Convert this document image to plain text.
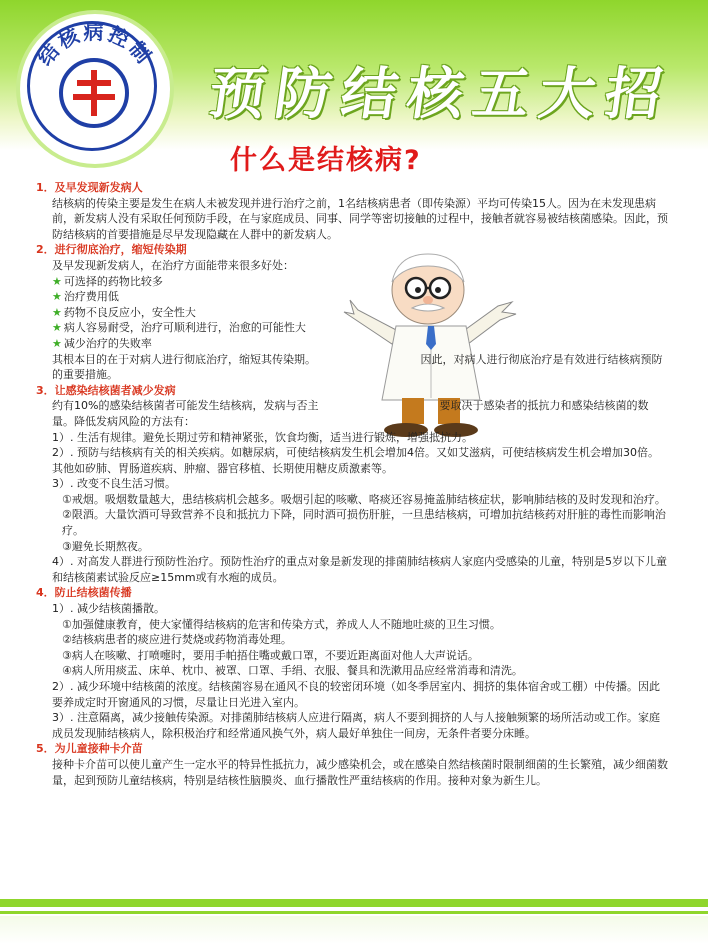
结核病控制
预防结核五大招
什么是结核病?

1．及早发现新发病人

结核病的传染主要是发生在病人未被发现并进行治疗之前，1名结核病患者（即传染源）平均可传染15人。因为在未发现患病前，新发病人没有采取任何预防手段，在与家庭成员、同事、同学等密切接触的过程中，接触者就容易被结核菌感染。因此，预防结核病的首要措施是尽早发现隐藏在人群中的新发病人。

2．进行彻底治疗，缩短传染期

及早发现新发病人，在治疗方面能带来很多好处：

★ 可选择的药物比较多

★ 治疗费用低

★ 药物不良反应小，安全性大

★ 病人容易耐受，治疗可顺利进行，治愈的可能性大

★ 减少治疗的失败率

其根本目的在于对病人进行彻底治疗，缩短其传染期。　　　　　　　　　　因此，对病人进行彻底治疗是有效进行结核病预防的重要措施。

3．让感染结核菌者减少发病

约有10%的感染结核菌者可能发生结核病，发病与否主　　　　　　　　　　　要取决于感染者的抵抗力和感染结核菌的数量。降低发病风险的方法有：

1）. 生活有规律。避免长期过劳和精神紧张，饮食均衡，适当进行锻炼，增强抵抗力。

2）. 预防与结核病有关的相关疾病。如糖尿病，可使结核病发生机会增加4倍。又如艾滋病，可使结核病发生机会增加30倍。其他如矽肺、胃肠道疾病、肿瘤、器官移植、长期使用糖皮质激素等。

3）. 改变不良生活习惯。

①戒烟。吸烟数量越大，患结核病机会越多。吸烟引起的咳嗽、咯痰还容易掩盖肺结核症状，影响肺结核的及时发现和治疗。

②限酒。大量饮酒可导致营养不良和抵抗力下降，同时酒可损伤肝脏，一旦患结核病，可增加抗结核药对肝脏的毒性而影响治疗。

③避免长期熬夜。

4）. 对高发人群进行预防性治疗。预防性治疗的重点对象是新发现的排菌肺结核病人家庭内受感染的儿童，特别是5岁以下儿童和结核菌素试验反应≥15mm或有水疱的成员。

4．防止结核菌传播

1）. 减少结核菌播散。

①加强健康教育，使大家懂得结核病的危害和传染方式，养成人人不随地吐痰的卫生习惯。

②结核病患者的痰应进行焚烧或药物消毒处理。

③病人在咳嗽、打喷嚏时，要用手帕捂住嘴或戴口罩，不要近距离面对他人大声说话。

④病人所用痰盂、床单、枕巾、被罩、口罩、手绢、衣服、餐具和洗漱用品应经常消毒和清洗。

2）. 减少环境中结核菌的浓度。结核菌容易在通风不良的较密闭环境（如冬季居室内、拥挤的集体宿舍或工棚）中传播。因此要养成定时开窗通风的习惯，尽量让日光进入室内。

3）. 注意隔离，减少接触传染源。对排菌肺结核病人应进行隔离，病人不要到拥挤的人与人接触频繁的场所活动或工作。家庭成员发现肺结核病人，除积极治疗和经常通风换气外，病人最好单独住一间房，无条件者要分床睡。

5．为儿童接种卡介苗

接种卡介苗可以使儿童产生一定水平的特异性抵抗力，减少感染机会，或在感染自然结核菌时限制细菌的生长繁殖，减少细菌数量，起到预防儿童结核病，特别是结核性脑膜炎、血行播散性严重结核病的作用。接种对象为新生儿。
